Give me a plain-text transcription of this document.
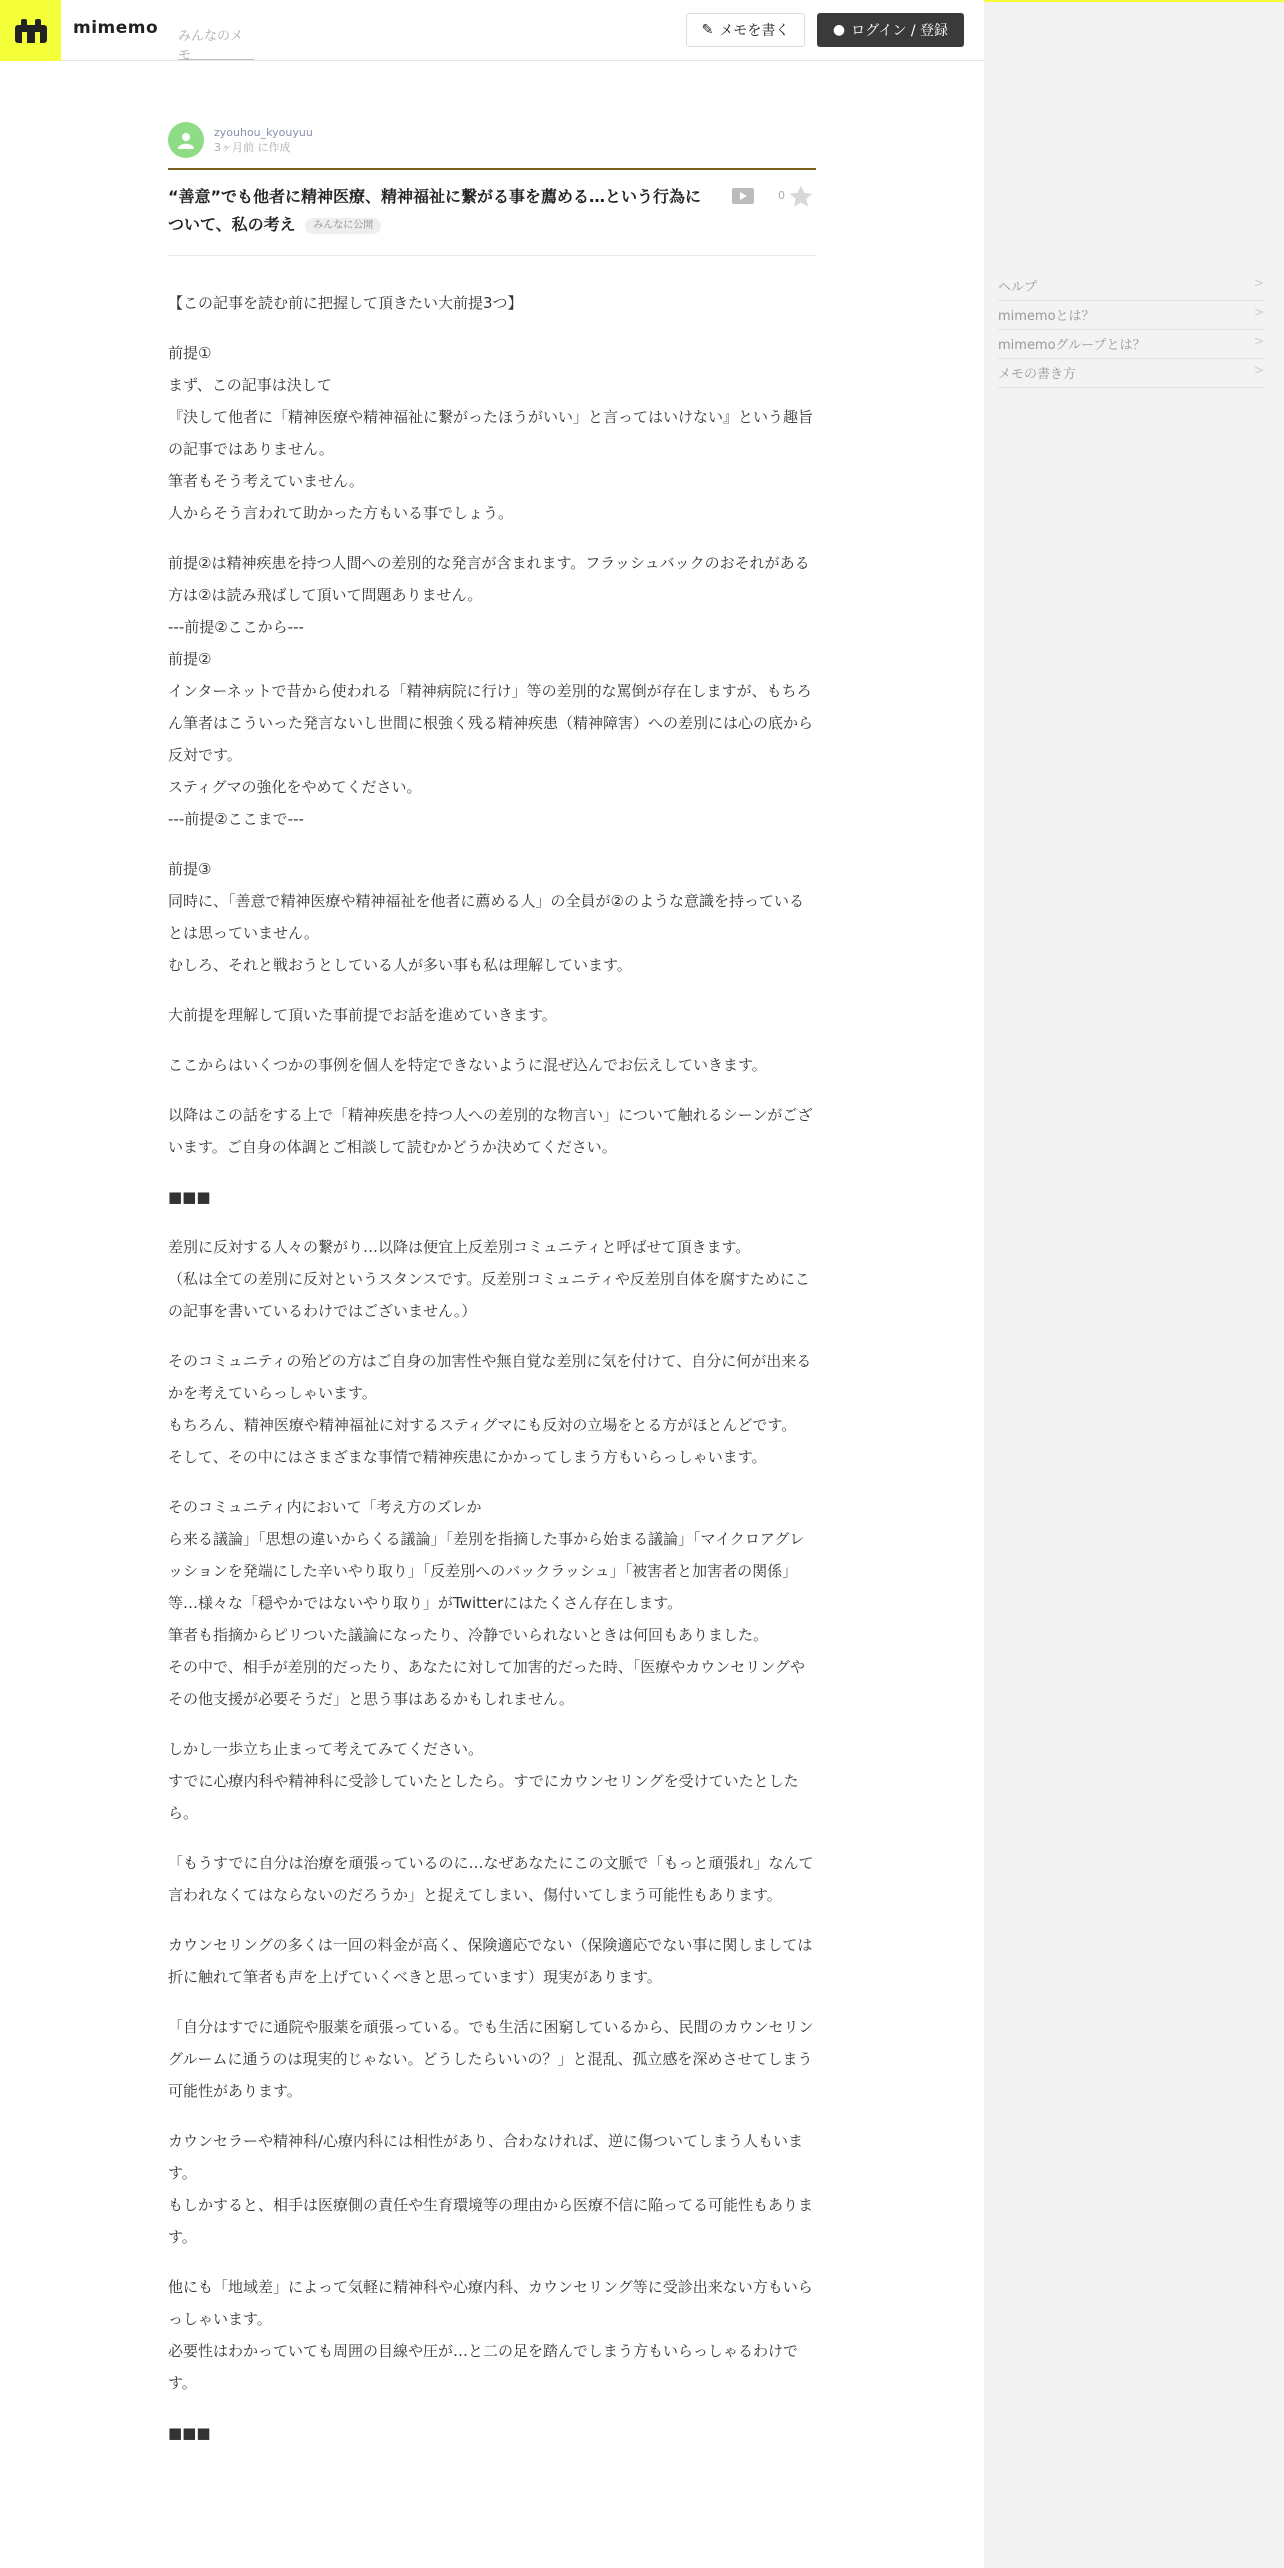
mimemo みんなのメモ
✎ メモを書く	● ログイン / 登録
ヘルプ	>
mimemoとは？	>
mimemoグループとは？	>
メモの書き方	>
zyouhou_kyouyuu
3ヶ月前 に作成
“善意”でも他者に精神医療、精神福祉に繋がる事を薦める…という行為について、私の考え みんなに公開
0
【この記事を読む前に把握して頂きたい大前提3つ】
前提①
まず、この記事は決して
『決して他者に「精神医療や精神福祉に繋がったほうがいい」と言ってはいけない』という趣旨の記事ではありません。
筆者もそう考えていません。
人からそう言われて助かった方もいる事でしょう。
前提②は精神疾患を持つ人間への差別的な発言が含まれます。フラッシュバックのおそれがある方は②は読み飛ばして頂いて問題ありません。
---前提②ここから---
前提②
インターネットで昔から使われる「精神病院に行け」等の差別的な罵倒が存在しますが、もちろん筆者はこういった発言ないし世間に根強く残る精神疾患（精神障害）への差別には心の底から反対です。
スティグマの強化をやめてください。
---前提②ここまで---
前提③
同時に、「善意で精神医療や精神福祉を他者に薦める人」の全員が②のような意識を持っているとは思っていません。
むしろ、それと戦おうとしている人が多い事も私は理解しています。
大前提を理解して頂いた事前提でお話を進めていきます。
ここからはいくつかの事例を個人を特定できないように混ぜ込んでお伝えしていきます。
以降はこの話をする上で「精神疾患を持つ人への差別的な物言い」について触れるシーンがございます。ご自身の体調とご相談して読むかどうか決めてください。
■■■
差別に反対する人々の繋がり…以降は便宜上反差別コミュニティと呼ばせて頂きます。
（私は全ての差別に反対というスタンスです。反差別コミュニティや反差別自体を腐すためにこの記事を書いているわけではございません。）
そのコミュニティの殆どの方はご自身の加害性や無自覚な差別に気を付けて、自分に何が出来るかを考えていらっしゃいます。
もちろん、精神医療や精神福祉に対するスティグマにも反対の立場をとる方がほとんどです。
そして、その中にはさまざまな事情で精神疾患にかかってしまう方もいらっしゃいます。
そのコミュニティ内において「考え方のズレか
ら来る議論」「思想の違いからくる議論」「差別を指摘した事から始まる議論」「マイクロアグレッションを発端にした辛いやり取り」「反差別へのバックラッシュ」「被害者と加害者の関係」等…様々な「穏やかではないやり取り」がTwitterにはたくさん存在します。
筆者も指摘からピリついた議論になったり、冷静でいられないときは何回もありました。
その中で、相手が差別的だったり、あなたに対して加害的だった時、「医療やカウンセリングやその他支援が必要そうだ」と思う事はあるかもしれません。
しかし一歩立ち止まって考えてみてください。
すでに心療内科や精神科に受診していたとしたら。すでにカウンセリングを受けていたとしたら。
「もうすでに自分は治療を頑張っているのに…なぜあなたにこの文脈で「もっと頑張れ」なんて言われなくてはならないのだろうか」と捉えてしまい、傷付いてしまう可能性もあります。
カウンセリングの多くは一回の料金が高く、保険適応でない（保険適応でない事に関しましては折に触れて筆者も声を上げていくべきと思っています）現実があります。
「自分はすでに通院や服薬を頑張っている。でも生活に困窮しているから、民間のカウンセリングルームに通うのは現実的じゃない。どうしたらいいの？」と混乱、孤立感を深めさせてしまう可能性があります。
カウンセラーや精神科/心療内科には相性があり、合わなければ、逆に傷ついてしまう人もいます。
もしかすると、相手は医療側の責任や生育環境等の理由から医療不信に陥ってる可能性もあります。
他にも「地域差」によって気軽に精神科や心療内科、カウンセリング等に受診出来ない方もいらっしゃいます。
必要性はわかっていても周囲の目線や圧が…と二の足を踏んでしまう方もいらっしゃるわけです。
■■■
